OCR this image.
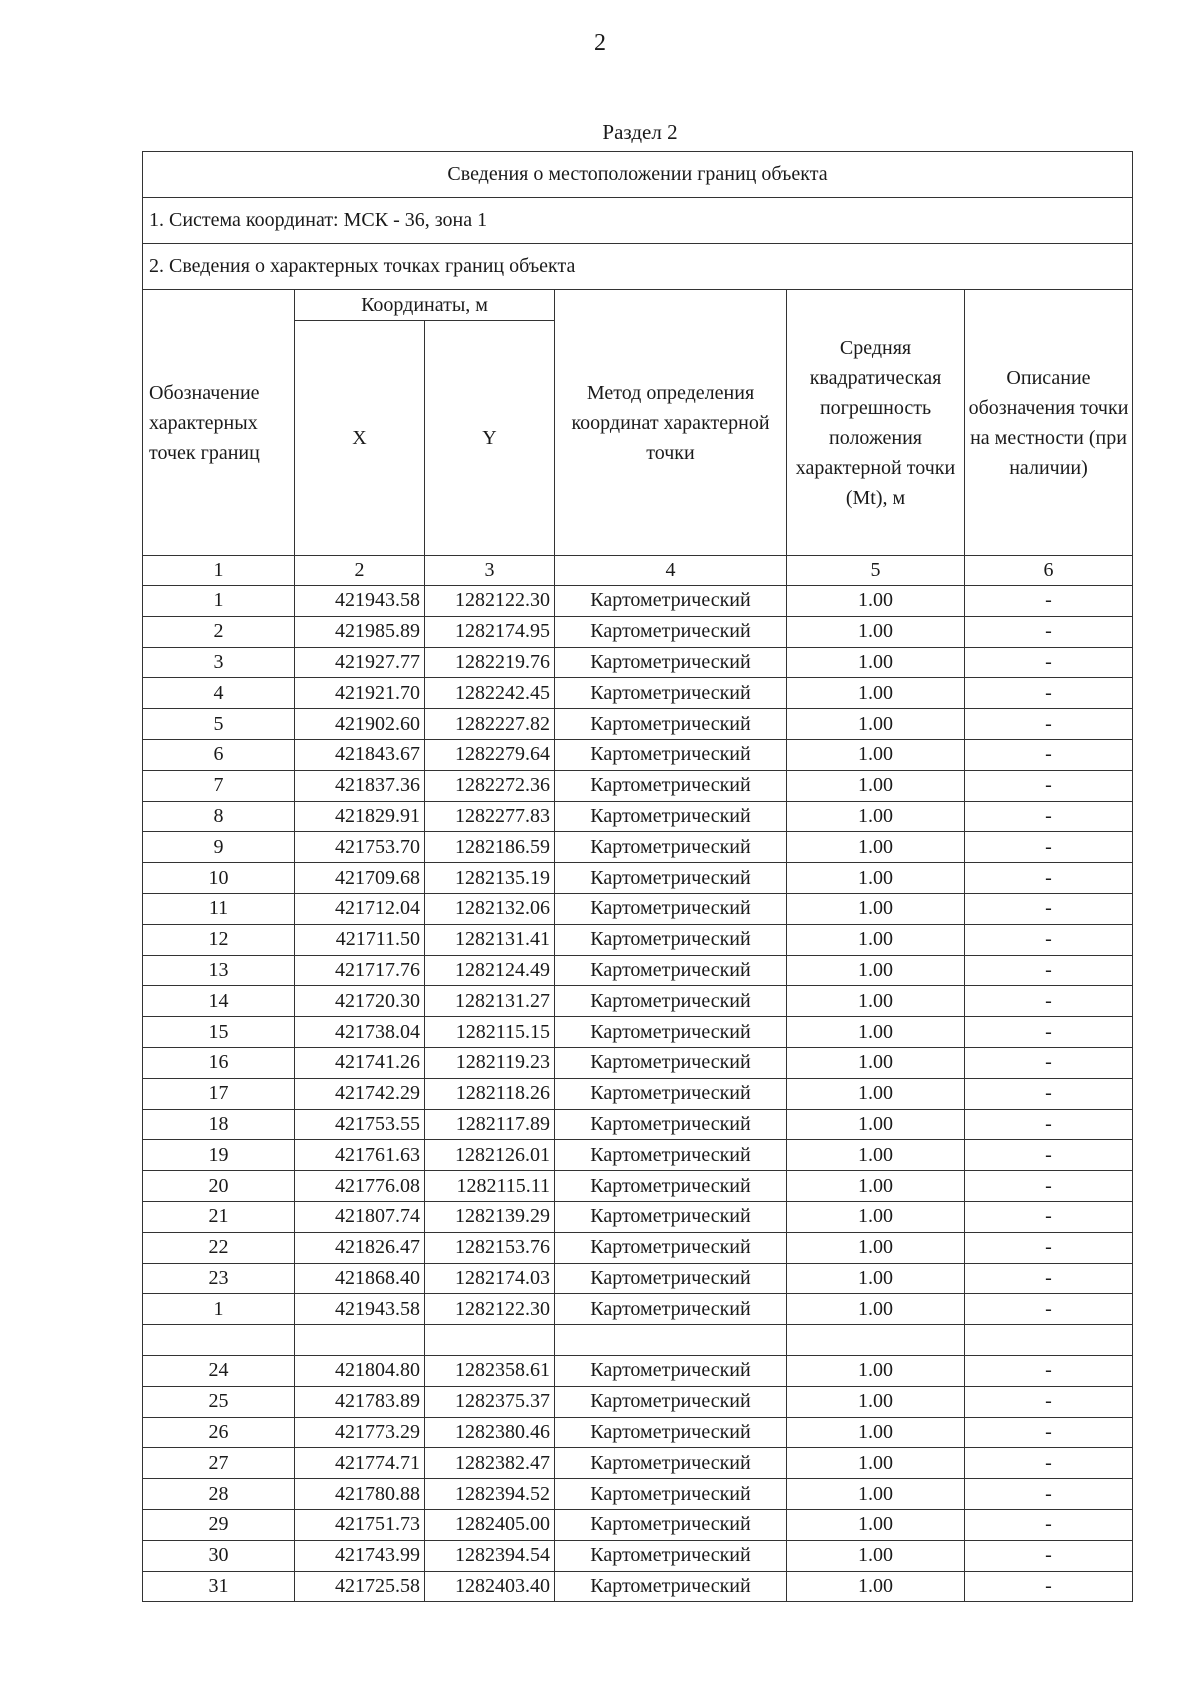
2
Раздел 2
Сведения о местоположении границ объекта					
1. Система координат: МСК - 36, зона 1					
2. Сведения о характерных точках границ объекта					
Обозначение характерных точек границ	Координаты, м		Метод определения координат характерной точки	Средняя квадратическая погрешность положения характерной точки (Mt), м	Описание обозначения точки на местности (при наличии)
	X	Y			
1	2	3	4	5	6
1	421943.58	1282122.30	Картометрический	1.00	-
2	421985.89	1282174.95	Картометрический	1.00	-
3	421927.77	1282219.76	Картометрический	1.00	-
4	421921.70	1282242.45	Картометрический	1.00	-
5	421902.60	1282227.82	Картометрический	1.00	-
6	421843.67	1282279.64	Картометрический	1.00	-
7	421837.36	1282272.36	Картометрический	1.00	-
8	421829.91	1282277.83	Картометрический	1.00	-
9	421753.70	1282186.59	Картометрический	1.00	-
10	421709.68	1282135.19	Картометрический	1.00	-
11	421712.04	1282132.06	Картометрический	1.00	-
12	421711.50	1282131.41	Картометрический	1.00	-
13	421717.76	1282124.49	Картометрический	1.00	-
14	421720.30	1282131.27	Картометрический	1.00	-
15	421738.04	1282115.15	Картометрический	1.00	-
16	421741.26	1282119.23	Картометрический	1.00	-
17	421742.29	1282118.26	Картометрический	1.00	-
18	421753.55	1282117.89	Картометрический	1.00	-
19	421761.63	1282126.01	Картометрический	1.00	-
20	421776.08	1282115.11	Картометрический	1.00	-
21	421807.74	1282139.29	Картометрический	1.00	-
22	421826.47	1282153.76	Картометрический	1.00	-
23	421868.40	1282174.03	Картометрический	1.00	-
1	421943.58	1282122.30	Картометрический	1.00	-

24	421804.80	1282358.61	Картометрический	1.00	-
25	421783.89	1282375.37	Картометрический	1.00	-
26	421773.29	1282380.46	Картометрический	1.00	-
27	421774.71	1282382.47	Картометрический	1.00	-
28	421780.88	1282394.52	Картометрический	1.00	-
29	421751.73	1282405.00	Картометрический	1.00	-
30	421743.99	1282394.54	Картометрический	1.00	-
31	421725.58	1282403.40	Картометрический	1.00	-
